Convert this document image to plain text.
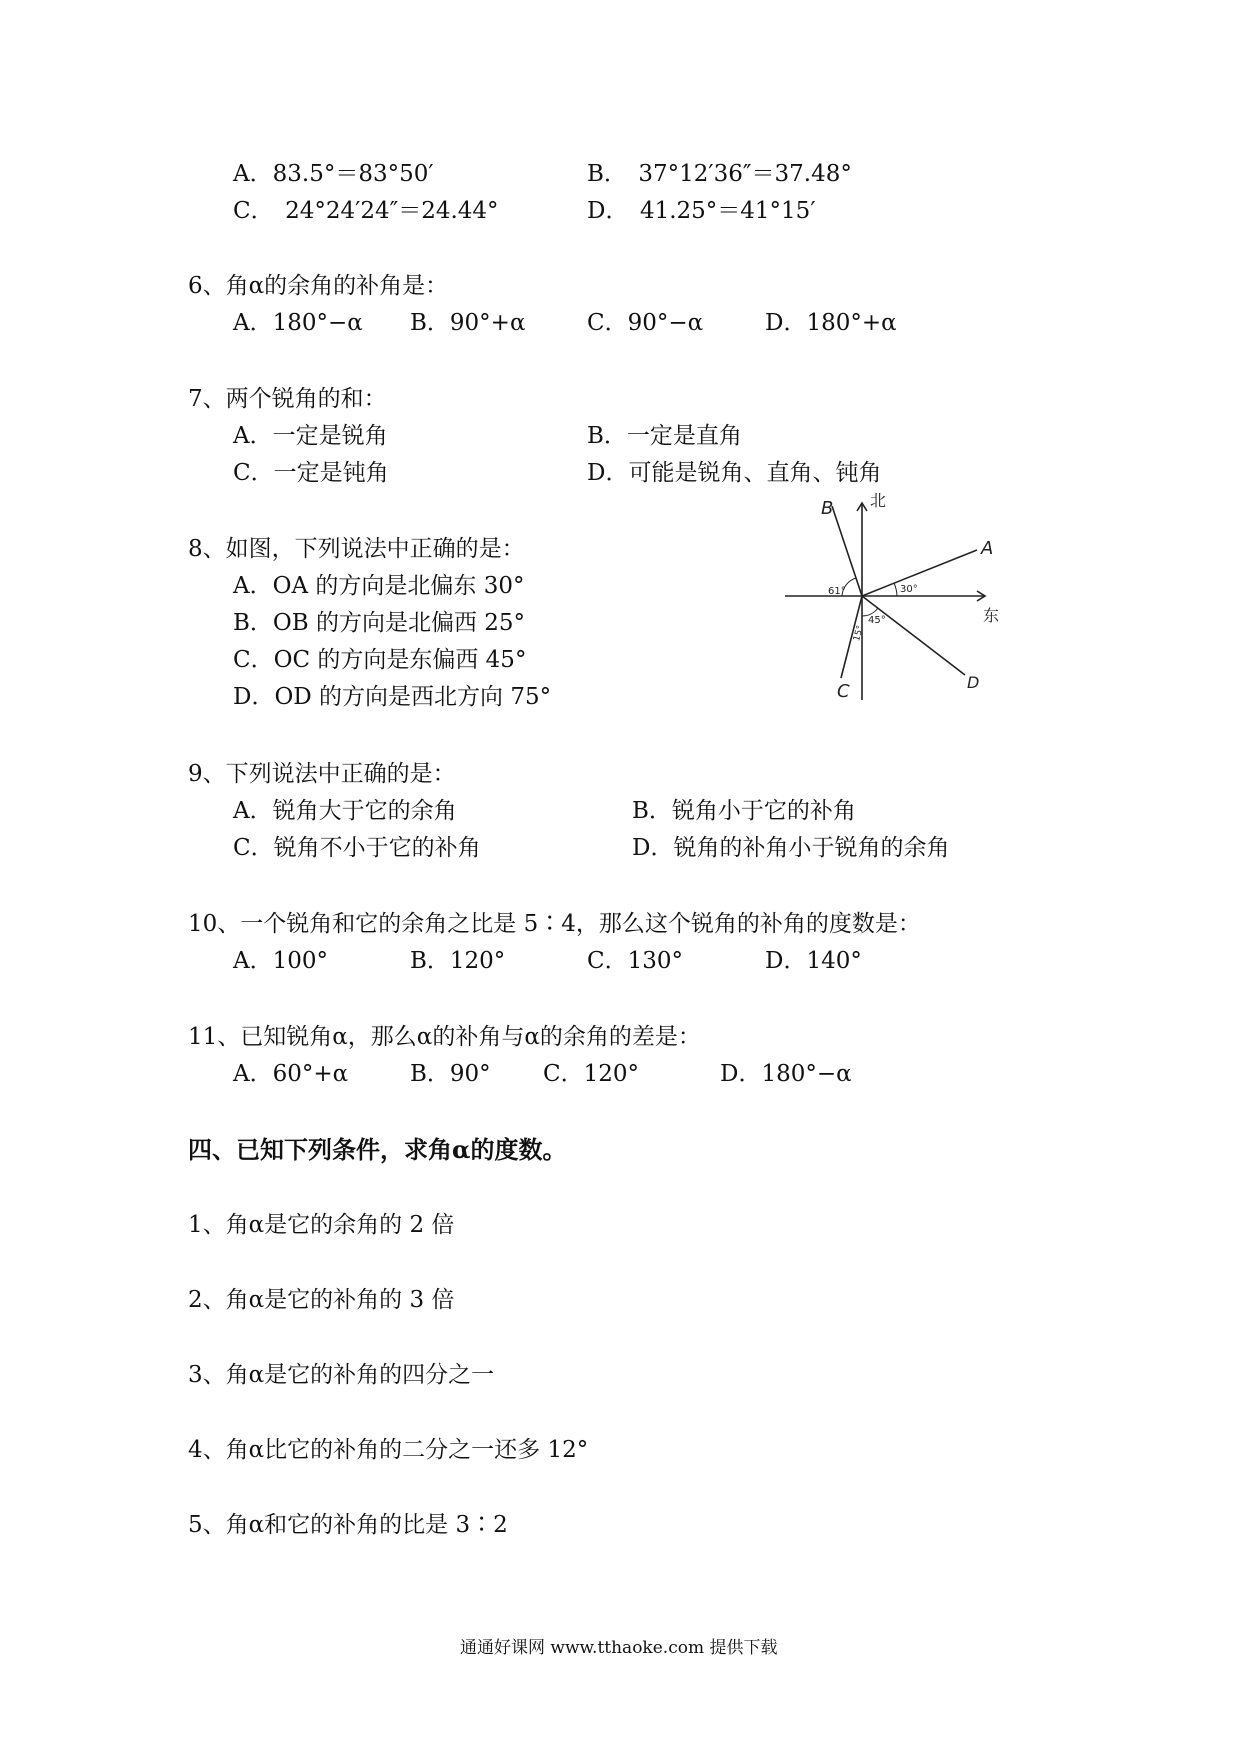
A．83.5°＝83°50′	B．　37°12′36″＝37.48°
C．　24°24′24″＝24.44°	D．　41.25°＝41°15′
6、角α的余角的补角是：
A．180°−α B．90°+α	C．90°−α	D．180°+α
7、两个锐角的和：
A．一定是锐角	B．一定是直角
C．一定是钝角	D．可能是锐角、直角、钝角
8、如图，下列说法中正确的是：
A．OA 的方向是北偏东 30°
B．OB 的方向是北偏西 25°
C．OC 的方向是东偏西 45°
D．OD 的方向是西北方向 75°
北
东
A
B
C	D
61°	30°
45°
15°
9、下列说法中正确的是：
A．锐角大于它的余角	B．锐角小于它的补角
C．锐角不小于它的补角	D．锐角的补角小于锐角的余角
10、一个锐角和它的余角之比是 5∶4，那么这个锐角的补角的度数是：
A．100°	B．120°	C．130°	D．140°
11、已知锐角α，那么α的补角与α的余角的差是：
A．60°+α	B．90° C．120°	D．180°−α
四、已知下列条件，求角α的度数。
1、角α是它的余角的 2 倍
2、角α是它的补角的 3 倍
3、角α是它的补角的四分之一
4、角α比它的补角的二分之一还多 12°
5、角α和它的补角的比是 3∶2
通通好课网 www.tthaoke.com 提供下载
